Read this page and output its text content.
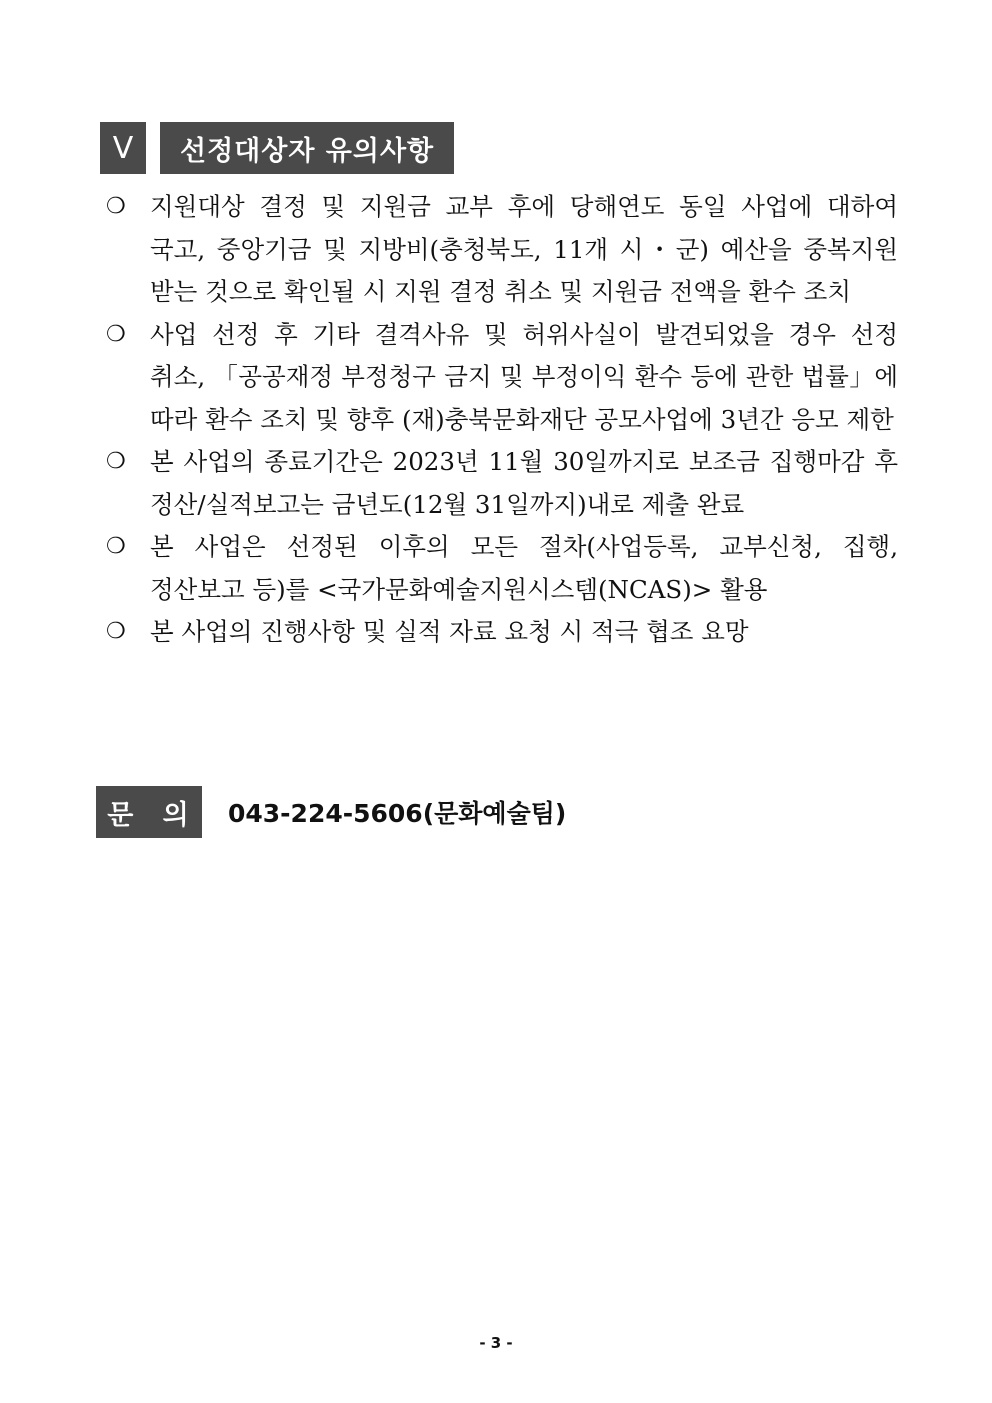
Ⅴ	선정대상자 유의사항
❍ 지원대상 결정 및 지원금 교부 후에 당해연도 동일 사업에 대하여 국고, 중앙기금 및 지방비(충청북도, 11개 시・군) 예산을 중복지원 받는 것으로 확인될 시 지원 결정 취소 및 지원금 전액을 환수 조치
❍ 사업 선정 후 기타 결격사유 및 허위사실이 발견되었을 경우 선정 취소, 「공공재정 부정청구 금지 및 부정이익 환수 등에 관한 법률」에 따라 환수 조치 및 향후 (재)충북문화재단 공모사업에 3년간 응모 제한
❍ 본 사업의 종료기간은 2023년 11월 30일까지로 보조금 집행마감 후 정산/실적보고는 금년도(12월 31일까지)내로 제출 완료
❍ 본 사업은 선정된 이후의 모든 절차(사업등록, 교부신청, 집행, 정산보고 등)를 <국가문화예술지원시스템(NCAS)> 활용
❍ 본 사업의 진행사항 및 실적 자료 요청 시 적극 협조 요망
문 의 043-224-5606(문화예술팀)
- 3 -
